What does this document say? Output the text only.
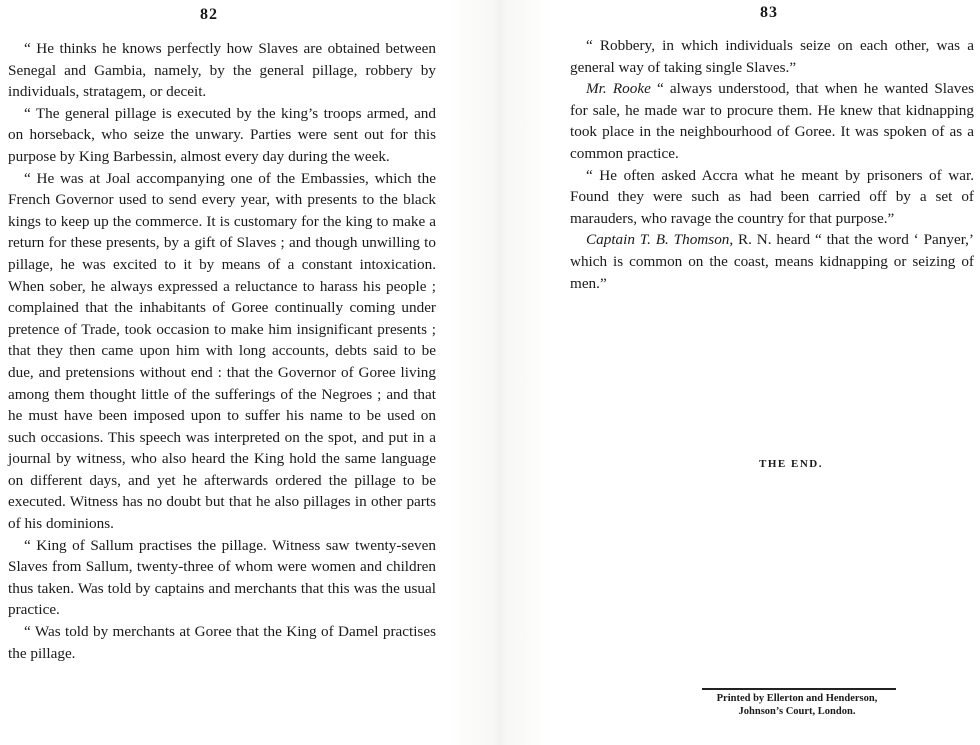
82

“ He thinks he knows perfectly how Slaves are obtained between Senegal and Gambia, namely, by the general pillage, robbery by individuals, stratagem, or deceit.

“ The general pillage is executed by the king’s troops armed, and on horseback, who seize the unwary. Parties were sent out for this purpose by King Barbessin, almost every day during the week.

“ He was at Joal accompanying one of the Embassies, which the French Governor used to send every year, with presents to the black kings to keep up the commerce. It is customary for the king to make a return for these presents, by a gift of Slaves ; and though unwilling to pillage, he was excited to it by means of a constant intoxication. When sober, he always expressed a reluctance to harass his people ; complained that the inhabitants of Goree continually coming under pretence of Trade, took occasion to make him insignificant presents ; that they then came upon him with long accounts, debts said to be due, and pretensions without end : that the Governor of Goree living among them thought little of the sufferings of the Negroes ; and that he must have been imposed upon to suffer his name to be used on such occasions. This speech was interpreted on the spot, and put in a journal by witness, who also heard the King hold the same language on different days, and yet he afterwards ordered the pillage to be executed. Witness has no doubt but that he also pillages in other parts of his dominions.

“ King of Sallum practises the pillage. Witness saw twenty-seven Slaves from Sallum, twenty-three of whom were women and children thus taken. Was told by captains and merchants that this was the usual practice.

“ Was told by merchants at Goree that the King of Damel practises the pillage.

83

“ Robbery, in which individuals seize on each other, was a general way of taking single Slaves.”

Mr. Rooke “ always understood, that when he wanted Slaves for sale, he made war to procure them. He knew that kidnapping took place in the neighbourhood of Goree. It was spoken of as a common practice.

“ He often asked Accra what he meant by prisoners of war. Found they were such as had been carried off by a set of marauders, who ravage the country for that purpose.”

Captain T. B. Thomson, R. N. heard “ that the word ‘ Panyer,’ which is common on the coast, means kidnapping or seizing of men.”

THE END.
Printed by Ellerton and Henderson,
Johnson’s Court, London.
